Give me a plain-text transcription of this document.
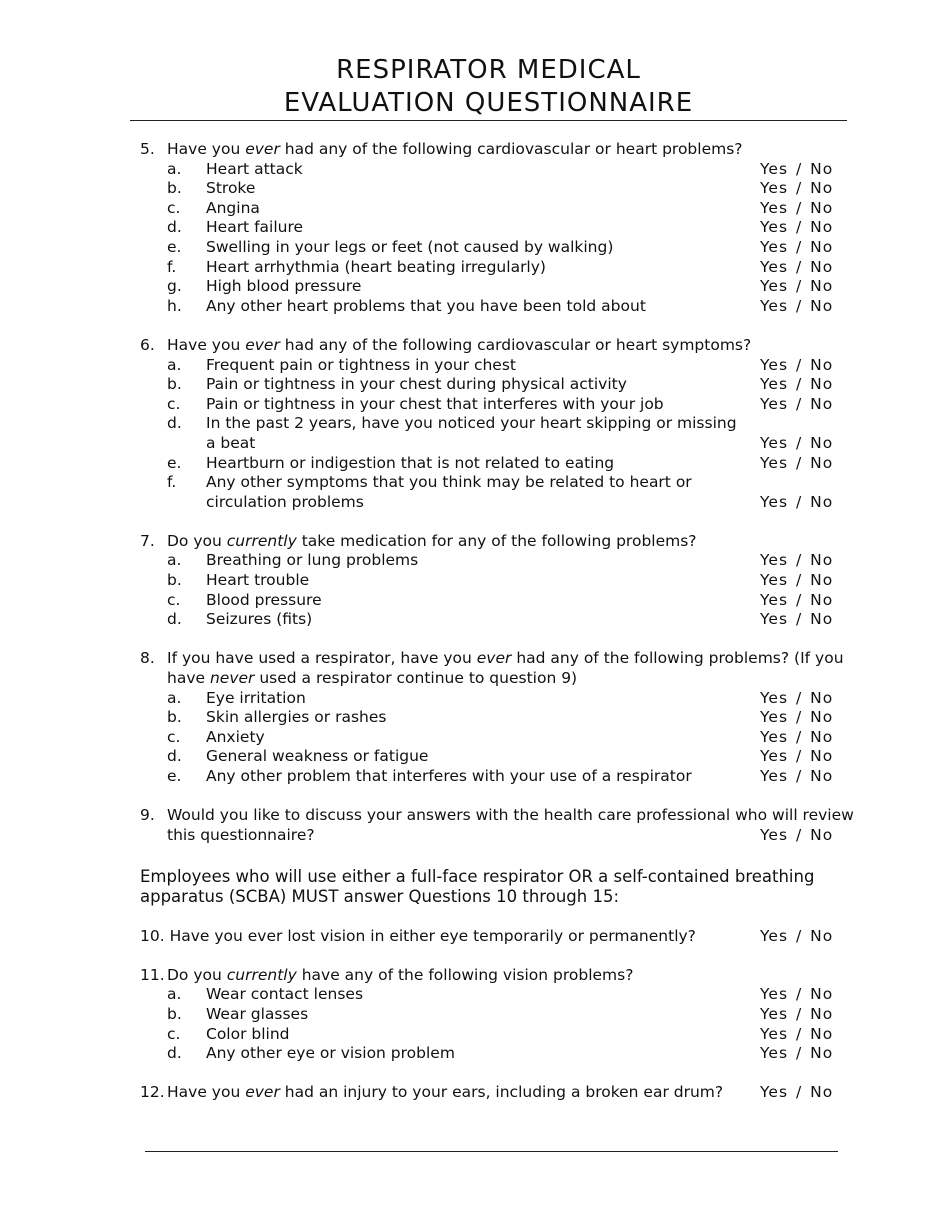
RESPIRATOR MEDICAL
EVALUATION QUESTIONNAIRE
5. Have you ever had any of the following cardiovascular or heart problems?
a. Heart attack	Yes / No
b. Stroke	Yes / No
c. Angina	Yes / No
d. Heart failure	Yes / No
e. Swelling in your legs or feet (not caused by walking)	Yes / No
f. Heart arrhythmia (heart beating irregularly)	Yes / No
g. High blood pressure	Yes / No
h. Any other heart problems that you have been told about	Yes / No
6. Have you ever had any of the following cardiovascular or heart symptoms?
a. Frequent pain or tightness in your chest	Yes / No
b. Pain or tightness in your chest during physical activity	Yes / No
c. Pain or tightness in your chest that interferes with your job	Yes / No
d. In the past 2 years, have you noticed your heart skipping or missing
a beat	Yes / No
e. Heartburn or indigestion that is not related to eating	Yes / No
f. Any other symptoms that you think may be related to heart or
circulation problems	Yes / No
7. Do you currently take medication for any of the following problems?
a. Breathing or lung problems	Yes / No
b. Heart trouble	Yes / No
c. Blood pressure	Yes / No
d. Seizures (fits)	Yes / No
8. If you have used a respirator, have you ever had any of the following problems? (If you
have never used a respirator continue to question 9)
a. Eye irritation	Yes / No
b. Skin allergies or rashes	Yes / No
c. Anxiety	Yes / No
d. General weakness or fatigue	Yes / No
e. Any other problem that interferes with your use of a respirator	Yes / No
9. Would you like to discuss your answers with the health care professional who will review
this questionnaire?	Yes / No
Employees who will use either a full-face respirator OR a self-contained breathing apparatus (SCBA) MUST answer Questions 10 through 15:
10. Have you ever lost vision in either eye temporarily or permanently?	Yes / No
11. Do you currently have any of the following vision problems?
a. Wear contact lenses	Yes / No
b. Wear glasses	Yes / No
c. Color blind	Yes / No
d. Any other eye or vision problem	Yes / No
12. Have you ever had an injury to your ears, including a broken ear drum? Yes / No
